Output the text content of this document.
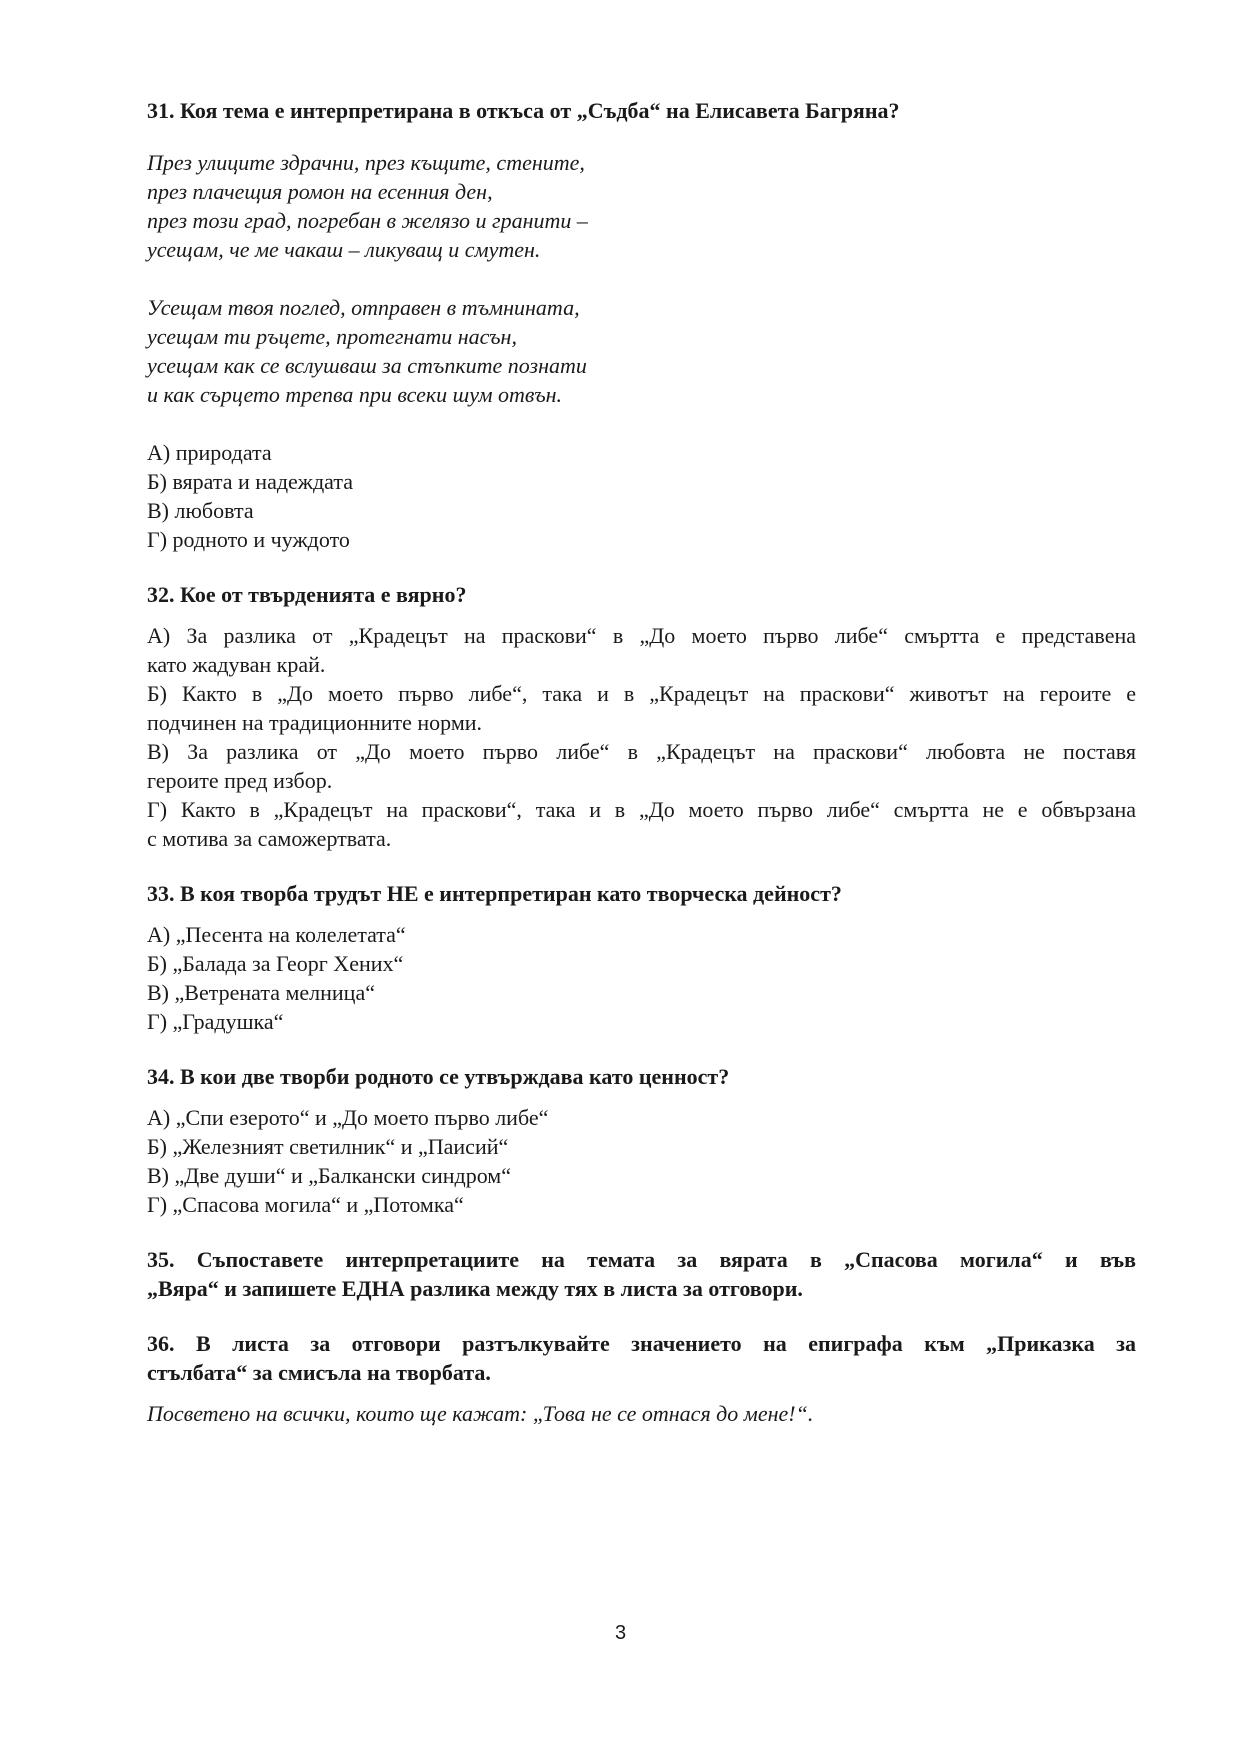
31. Коя тема е интерпретирана в откъса от „Съдба“ на Елисавета Багряна?

През улиците здрачни, през къщите, стените,
през плачещия ромон на есенния ден,
през този град, погребан в желязо и гранити –
усещам, че ме чакаш – ликуващ и смутен.
Усещам твоя поглед, отправен в тъмнината,
усещам ти ръцете, протегнати насън,
усещам как се вслушваш за стъпките познати
и как сърцето трепва при всеки шум отвън.
А) природата
Б) вярата и надеждата
В) любовта
Г) родното и чуждото

32. Кое от твърденията е вярно?

А) За разлика от „Крадецът на праскови“ в „До моето първо либе“ смъртта е представена
като жадуван край.
Б) Както в „До моето първо либе“, така и в „Крадецът на праскови“ животът на героите е
подчинен на традиционните норми.
В) За разлика от „До моето първо либе“ в „Крадецът на праскови“ любовта не поставя
героите пред избор.
Г) Както в „Крадецът на праскови“, така и в „До моето първо либе“ смъртта не е обвързана
с мотива за саможертвата.

33. В коя творба трудът НЕ е интерпретиран като творческа дейност?

А) „Песента на колелетата“
Б) „Балада за Георг Хених“
В) „Ветрената мелница“
Г) „Градушка“

34. В кои две творби родното се утвърждава като ценност?

А) „Спи езерото“ и „До моето първо либе“
Б) „Железният светилник“ и „Паисий“
В) „Две души“ и „Балкански синдром“
Г) „Спасова могила“ и „Потомка“

35. Съпоставете интерпретациите на темата за вярата в „Спасова могила“ и във
„Вяра“ и запишете ЕДНА разлика между тях в листа за отговори.

36. В листа за отговори разтълкувайте значението на епиграфа към „Приказка за
стълбата“ за смисъла на творбата.

Посветено на всички, които ще кажат: „Това не се отнася до мене!“.

3
